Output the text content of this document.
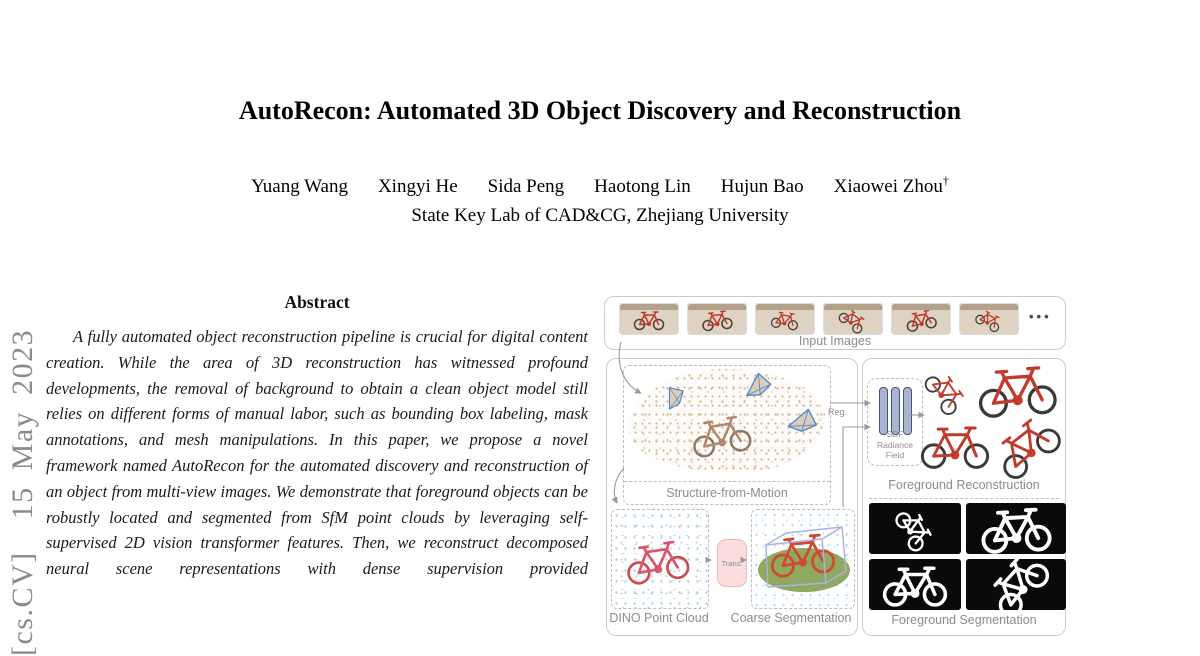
[cs.CV]  15 May 2023
AutoRecon: Automated 3D Object Discovery and Reconstruction
Yuang Wang Xingyi He Sida Peng Haotong Lin Hujun Bao Xiaowei Zhou†
State Key Lab of CAD&CG, Zhejiang University
Abstract
A fully automated object reconstruction pipeline is crucial for digital content creation. While the area of 3D reconstruction has witnessed profound developments, the removal of background to obtain a clean object model still relies on different forms of manual labor, such as bounding box labeling, mask annotations, and mesh manipulations. In this paper, we propose a novel framework named AutoRecon for the automated discovery and reconstruction of an object from multi-view images. We demonstrate that foreground objects can be robustly located and segmented from SfM point clouds by leveraging self-supervised 2D vision transformer features. Then, we reconstruct decomposed neural scene representations with dense supervision provided
•••
Input Images
Structure-from-Motion
Trans.
DINO Point Cloud	Coarse Segmentation
SDF Radiance
Field
Foreground Reconstruction
Foreground Segmentation
Reg.
